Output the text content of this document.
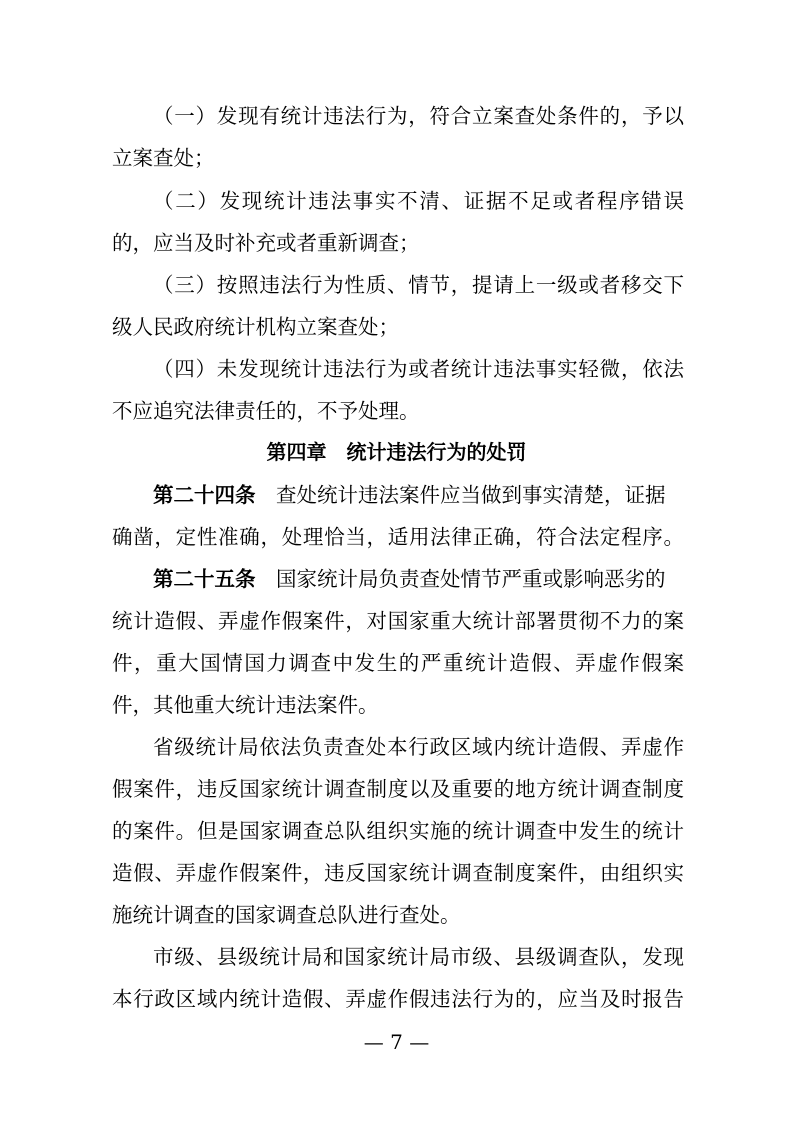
（一）发现有统计违法行为，符合立案查处条件的，予以
立案查处；
（二）发现统计违法事实不清、证据不足或者程序错误
的，应当及时补充或者重新调查；
（三）按照违法行为性质、情节，提请上一级或者移交下
级人民政府统计机构立案查处；
（四）未发现统计违法行为或者统计违法事实轻微，依法
不应追究法律责任的，不予处理。
第四章　统计违法行为的处罚
第二十四条　查处统计违法案件应当做到事实清楚，证据
确凿，定性准确，处理恰当，适用法律正确，符合法定程序。
第二十五条　国家统计局负责查处情节严重或影响恶劣的
统计造假、弄虚作假案件，对国家重大统计部署贯彻不力的案
件，重大国情国力调查中发生的严重统计造假、弄虚作假案
件，其他重大统计违法案件。
省级统计局依法负责查处本行政区域内统计造假、弄虚作
假案件，违反国家统计调查制度以及重要的地方统计调查制度
的案件。但是国家调查总队组织实施的统计调查中发生的统计
造假、弄虚作假案件，违反国家统计调查制度案件，由组织实
施统计调查的国家调查总队进行查处。
市级、县级统计局和国家统计局市级、县级调查队，发现
本行政区域内统计造假、弄虚作假违法行为的，应当及时报告
— 7 —
